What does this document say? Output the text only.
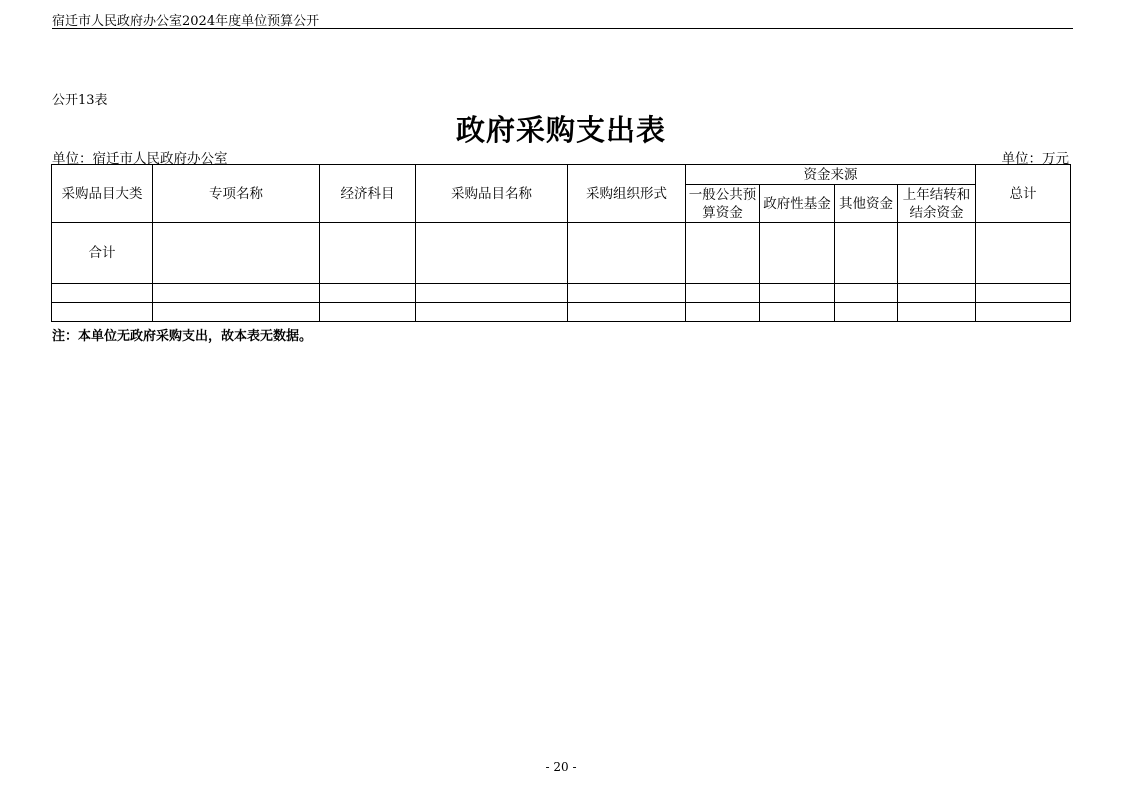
宿迁市人民政府办公室2024年度单位预算公开
公开13表
政府采购支出表
单位：宿迁市人民政府办公室	单位：万元
采购品目大类	专项名称	经济科目	采购品目名称	采购组织形式	资金来源				总计
					一般公共预算资金	政府性基金	其他资金	上年结转和结余资金	
合计									

注：本单位无政府采购支出，故本表无数据。
- 20 -
